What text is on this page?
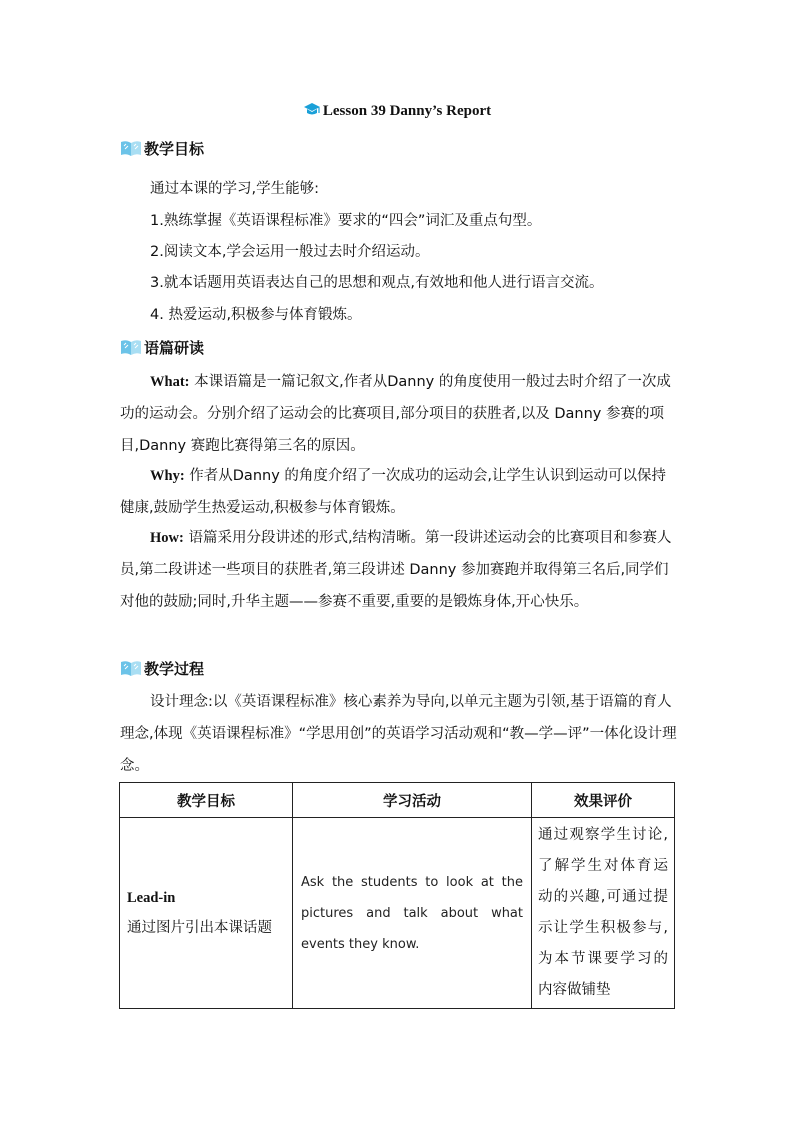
Lesson 39 Danny’s Report
教学目标
通过本课的学习,学生能够:
1.熟练掌握《英语课程标准》要求的“四会”词汇及重点句型。
2.阅读文本,学会运用一般过去时介绍运动。
3.就本话题用英语表达自己的思想和观点,有效地和他人进行语言交流。
4. 热爱运动,积极参与体育锻炼。
语篇研读
What: 本课语篇是一篇记叙文,作者从Danny 的角度使用一般过去时介绍了一次成功的运动会。分别介绍了运动会的比赛项目,部分项目的获胜者,以及 Danny 参赛的项目,Danny 赛跑比赛得第三名的原因。
Why: 作者从Danny 的角度介绍了一次成功的运动会,让学生认识到运动可以保持健康,鼓励学生热爱运动,积极参与体育锻炼。
How: 语篇采用分段讲述的形式,结构清晰。第一段讲述运动会的比赛项目和参赛人员,第二段讲述一些项目的获胜者,第三段讲述 Danny 参加赛跑并取得第三名后,同学们对他的鼓励;同时,升华主题——参赛不重要,重要的是锻炼身体,开心快乐。
教学过程
设计理念:以《英语课程标准》核心素养为导向,以单元主题为引领,基于语篇的育人理念,体现《英语课程标准》“学思用创”的英语学习活动观和“教—学—评”一体化设计理念。
教学目标	学习活动	效果评价

Lead-in
通过图片引出本课话题	Ask the students to look at the pictures and talk about what events they know.	通过观察学生讨论,了解学生对体育运动的兴趣,可通过提示让学生积极参与,为本节课要学习的内容做铺垫
